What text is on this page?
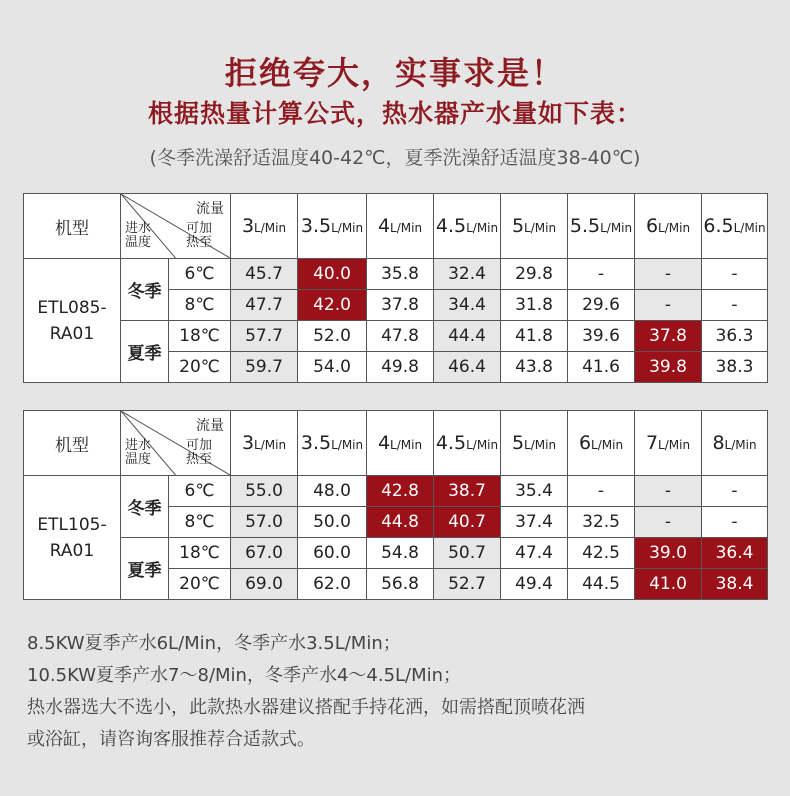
拒绝夸大，实事求是！
根据热量计算公式，热水器产水量如下表：
(冬季洗澡舒适温度40-42℃，夏季洗澡舒适温度38-40℃)
机型	流量
可加
热至
进水
温度		3L/Min	3.5L/Min	4L/Min	4.5L/Min	5L/Min	5.5L/Min	6L/Min	6.5L/Min
ETL085-
RA01	冬季	6℃	45.7	40.0	35.8	32.4	29.8	-	-	-
		8℃	47.7	42.0	37.8	34.4	31.8	29.6	-	-
	夏季	18℃	57.7	52.0	47.8	44.4	41.8	39.6	37.8	36.3
		20℃	59.7	54.0	49.8	46.4	43.8	41.6	39.8	38.3
机型	流量
可加
热至
进水
温度		3L/Min	3.5L/Min	4L/Min	4.5L/Min	5L/Min	6L/Min	7L/Min	8L/Min
ETL105-
RA01	冬季	6℃	55.0	48.0	42.8	38.7	35.4	-	-	-
		8℃	57.0	50.0	44.8	40.7	37.4	32.5	-	-
	夏季	18℃	67.0	60.0	54.8	50.7	47.4	42.5	39.0	36.4
		20℃	69.0	62.0	56.8	52.7	49.4	44.5	41.0	38.4
8.5KW夏季产水6L/Min，冬季产水3.5L/Min；
10.5KW夏季产水7～8/Min，冬季产水4～4.5L/Min；
热水器选大不选小，此款热水器建议搭配手持花洒，如需搭配顶喷花洒
或浴缸，请咨询客服推荐合适款式。
